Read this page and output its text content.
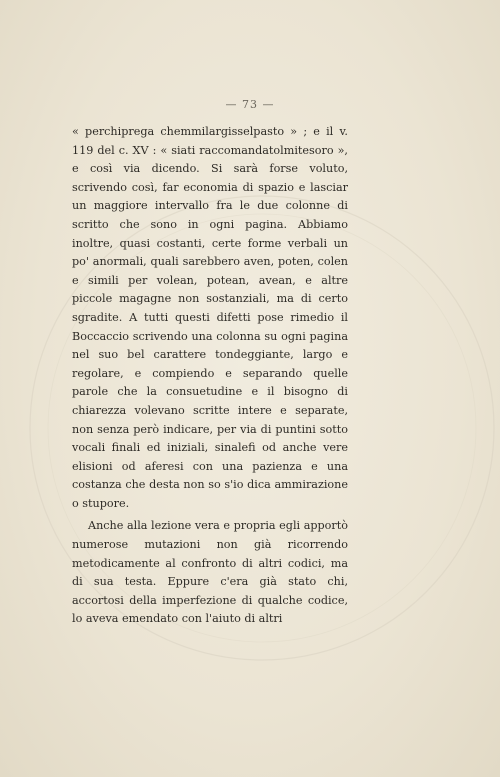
— 73 —

« perchiprega chemmilargisselpasto » ; e il v. 119 del c. XV : « siati raccomandatolmitesoro », e così via dicendo. Si sarà forse voluto, scrivendo così, far economia di spazio e lasciar un maggiore intervallo fra le due colonne di scritto che sono in ogni pagina. Abbiamo inoltre, quasi costanti, certe forme verbali un po' anormali, quali sarebbero aven, poten, colen e simili per volean, potean, avean, e altre piccole magagne non sostanziali, ma di certo sgradite. A tutti questi difetti pose rimedio il Boccaccio scrivendo una colonna su ogni pagina nel suo bel carattere tondeggiante, largo e regolare, e compiendo e separando quelle parole che la consuetudine e il bisogno di chiarezza volevano scritte intere e separate, non senza però indicare, per via di puntini sotto vocali finali ed iniziali, sinalefi od anche vere elisioni od aferesi con una pazienza e una costanza che desta non so s'io dica ammirazione o stupore.

Anche alla lezione vera e propria egli apportò numerose mutazioni non già ricorrendo metodicamente al confronto di altri codici, ma di sua testa. Eppure c'era già stato chi, accortosi della imperfezione di qualche codice, lo aveva emendato con l'aiuto di altri
